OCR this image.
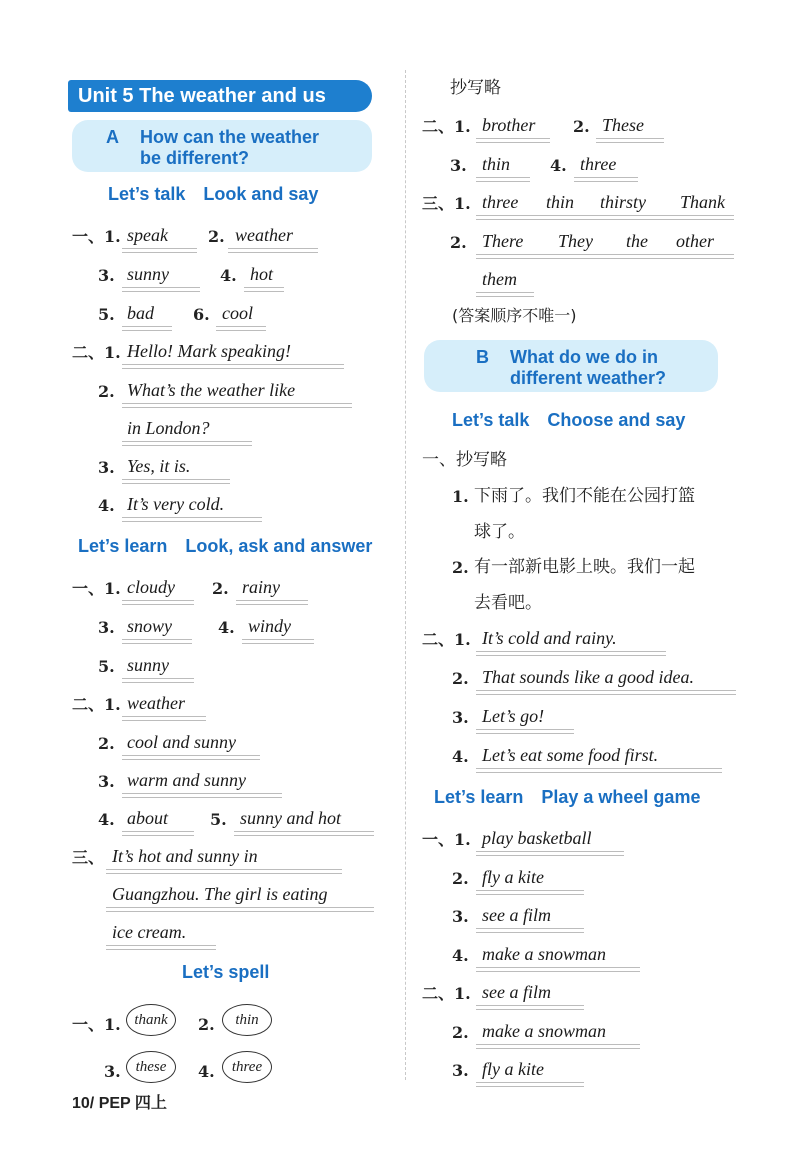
Unit 5 The weather and us
A How can the weather
be different?
Let’s talk Look and say
一、1. speak	2. weather
3. sunny	4. hot
5. bad 6. cool
二、1. Hello! Mark speaking!
2. What’s the weather like
in London?
3. Yes, it is.
4. It’s very cold.
Let’s learn Look, ask and answer
一、1. cloudy 2. rainy
3. snowy	4. windy
5. sunny
二、1. weather
2. cool and sunny
3. warm and sunny
4. about	5. sunny and hot
三、 It’s hot and sunny in
Guangzhou. The girl is eating
ice cream.
Let’s spell
一、1. thank	2.	thin
3. these	4.	three
10/ PEP 四上
抄写略
二、1. brother 2. These
3. thin 4. three
三、1. three thin thirsty Thank
2. There They the other
them
(答案顺序不唯一)
B What do we do in
different weather?
Let’s talk Choose and say
一、抄写略
1. 下雨了。我们不能在公园打篮
球了。
2. 有一部新电影上映。我们一起
去看吧。
二、1. It’s cold and rainy.
2. That sounds like a good idea.
3. Let’s go!
4. Let’s eat some food first.
Let’s learn Play a wheel game
一、1. play basketball
2. fly a kite
3. see a film
4. make a snowman
二、1. see a film
2. make a snowman
3. fly a kite
